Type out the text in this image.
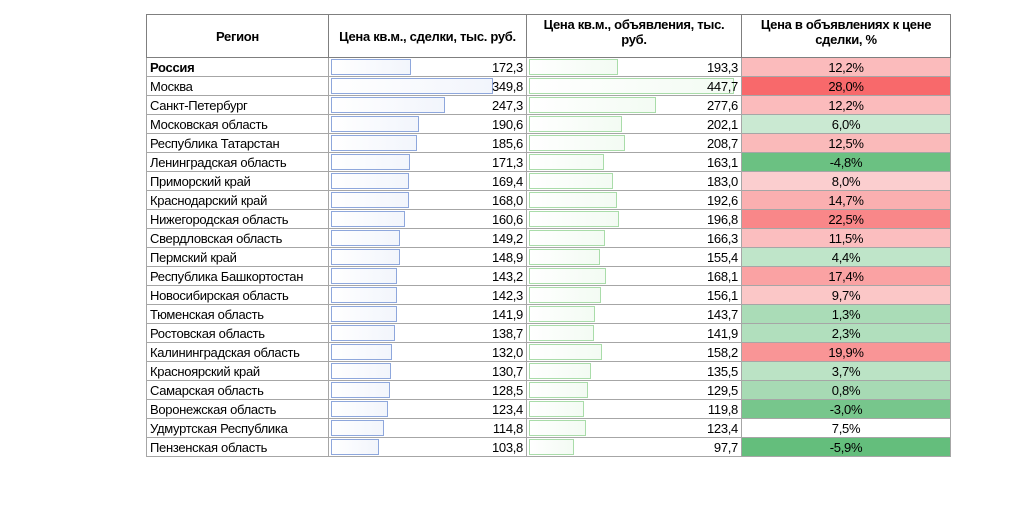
Регион	Цена кв.м., сделки, тыс. руб.	Цена кв.м., объявления, тыс. руб.	Цена в объявлениях к цене сделки, %
Россия	172,3	193,3	12,2%
Москва	349,8	447,7	28,0%
Санкт-Петербург	247,3	277,6	12,2%
Московская область	190,6	202,1	6,0%
Республика Татарстан	185,6	208,7	12,5%
Ленинградская область	171,3	163,1	-4,8%
Приморский край	169,4	183,0	8,0%
Краснодарский край	168,0	192,6	14,7%
Нижегородская область	160,6	196,8	22,5%
Свердловская область	149,2	166,3	11,5%
Пермский край	148,9	155,4	4,4%
Республика Башкортостан	143,2	168,1	17,4%
Новосибирская область	142,3	156,1	9,7%
Тюменская область	141,9	143,7	1,3%
Ростовская область	138,7	141,9	2,3%
Калининградская область	132,0	158,2	19,9%
Красноярский край	130,7	135,5	3,7%
Самарская область	128,5	129,5	0,8%
Воронежская область	123,4	119,8	-3,0%
Удмуртская Республика	114,8	123,4	7,5%
Пензенская область	103,8	97,7	-5,9%
